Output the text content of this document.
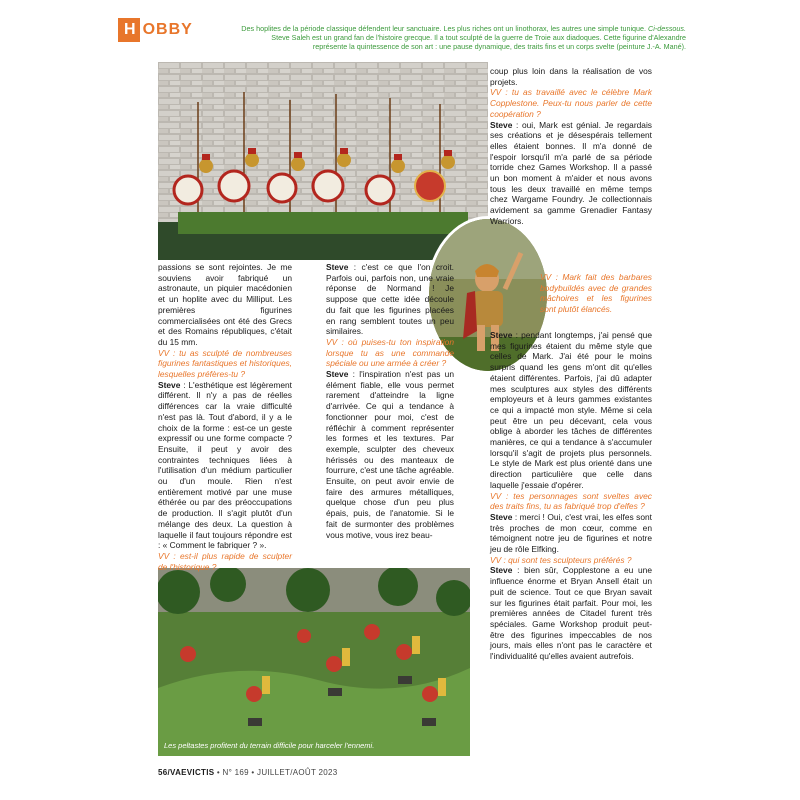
H OBBY	Des hoplites de la période classique défendent leur sanctuaire. Les plus riches ont un linothorax, les autres une simple tunique. Ci-dessous. Steve Saleh est un grand fan de l'histoire grecque. Il a tout sculpté de la guerre de Troie aux diadoques. Cette figurine d'Alexandre représente la quintessence de son art : une pause dynamique, des traits fins et un corps svelte (peinture J.-A. Mané).
Les peltastes profitent du terrain difficile pour harceler l'ennemi.

passions se sont rejointes. Je me souviens avoir fabriqué un astronaute, un piquier macédonien et un hoplite avec du Milliput. Les premières figurines commercialisées ont été des Grecs et des Romains républiques, c'était du 15 mm.

VV : tu as sculpté de nombreuses figurines fantastiques et historiques, lesquelles préfères-tu ?

Steve : L'esthétique est légèrement différent. Il n'y a pas de réelles différences car la vraie difficulté n'est pas là. Tout d'abord, il y a le choix de la forme : est-ce un geste expressif ou une forme compacte ? Ensuite, il peut y avoir des contraintes techniques liées à l'utilisation d'un médium particulier ou d'un moule. Rien n'est entièrement motivé par une muse éthérée ou par des préoccupations de production. Il s'agit plutôt d'un mélange des deux. La question à laquelle il faut toujours répondre est : « Comment le fabriquer ? ».

VV : est-il plus rapide de sculpter de l'historique ?

Steve : c'est ce que l'on croit. Parfois oui, parfois non, une vraie réponse de Normand ! Je suppose que cette idée découle du fait que les figurines placées en rang semblent toutes un peu similaires.

VV : où puises-tu ton inspiration lorsque tu as une commande spéciale ou une armée à créer ?

Steve : l'inspiration n'est pas un élément fiable, elle vous permet rarement d'atteindre la ligne d'arrivée. Ce qui a tendance à fonctionner pour moi, c'est de réfléchir à comment représenter les formes et les textures. Par exemple, sculpter des cheveux hérissés ou des manteaux de fourrure, c'est une tâche agréable. Ensuite, on peut avoir envie de faire des armures métalliques, quelque chose d'un peu plus épais, puis, de l'anatomie. Si le fait de surmonter des problèmes vous motive, vous irez beau-

coup plus loin dans la réalisation de vos projets.

VV : tu as travaillé avec le célèbre Mark Copplestone. Peux-tu nous parler de cette coopération ?

Steve : oui, Mark est génial. Je regardais ses créations et je désespérais tellement elles étaient bonnes. Il m'a donné de l'espoir lorsqu'il m'a parlé de sa période torride chez Games Workshop. Il a passé un bon moment à m'aider et nous avons tous les deux travaillé en même temps chez Wargame Foundry. Je collectionnais avidement sa gamme Grenadier Fantasy Warriors.

VV : Mark fait des barbares bodybuildés avec de grandes mâchoires et les figurines sont plutôt élancés.

Steve : pendant longtemps, j'ai pensé que mes figurines étaient du même style que celles de Mark. J'ai été pour le moins surpris quand les gens m'ont dit qu'elles étaient différentes. Parfois, j'ai dû adapter mes sculptures aux styles des différents employeurs et à leurs gammes existantes ce qui a impacté mon style. Même si cela peut être un peu décevant, cela vous oblige à aborder les tâches de différentes manières, ce qui a tendance à s'accumuler lorsqu'il s'agit de projets plus personnels. Le style de Mark est plus orienté dans une direction particulière que celle dans laquelle j'essaie d'opérer.

VV : tes personnages sont sveltes avec des traits fins, tu as fabriqué trop d'elfes ?

Steve : merci ! Oui, c'est vrai, les elfes sont très proches de mon cœur, comme en témoignent notre jeu de figurines et notre jeu de rôle Elfking.

VV : qui sont tes sculpteurs préférés ?

Steve : bien sûr, Copplestone a eu une influence énorme et Bryan Ansell était un puit de science. Tout ce que Bryan savait sur les figurines était parfait. Pour moi, les premières années de Citadel furent très spéciales. Game Workshop produit peut-être des figurines impeccables de nos jours, mais elles n'ont pas le caractère et l'individualité qu'elles avaient autrefois.

56/VAEVICTIS • N° 169 • JUILLET/AOÛT 2023
